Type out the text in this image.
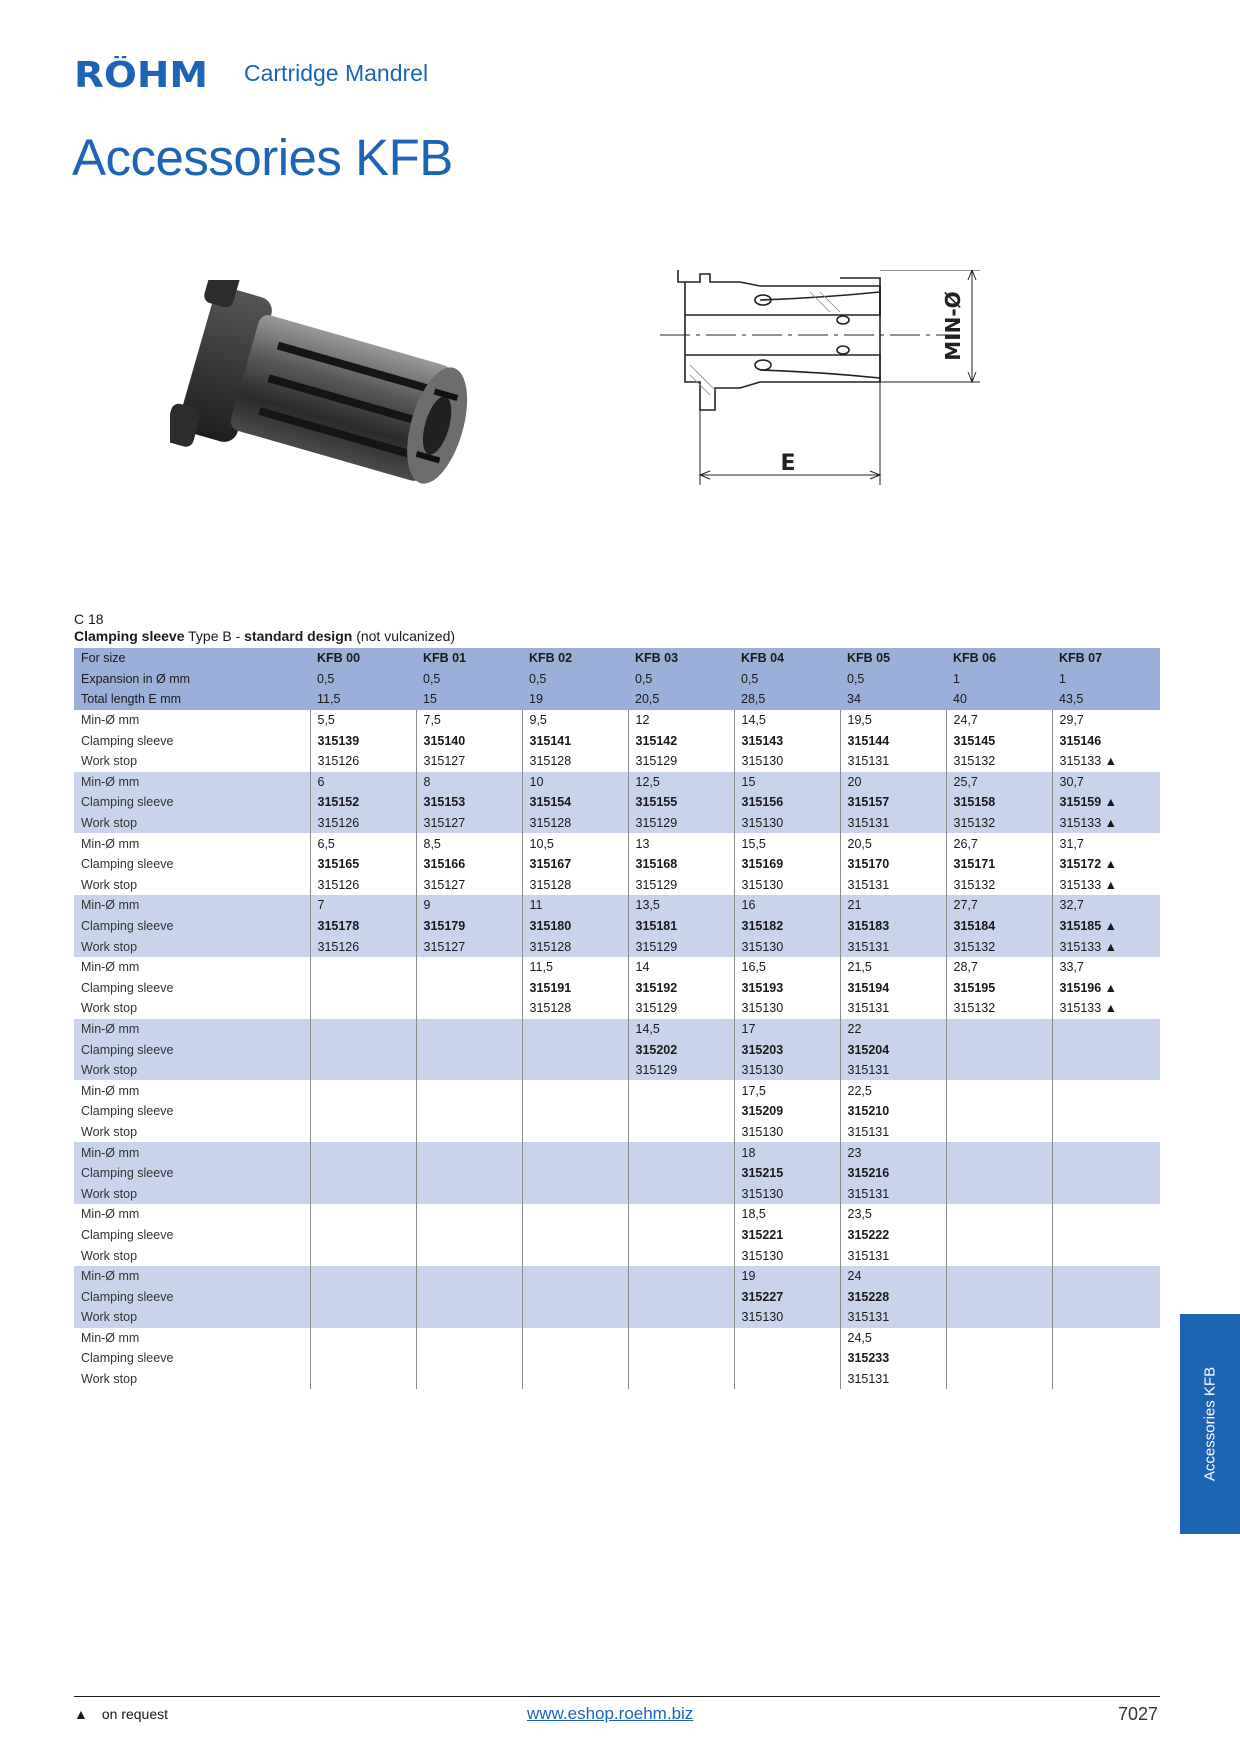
RÖHM	Cartridge Mandrel
Accessories KFB
MIN-Ø
E
C 18
Clamping sleeve Type B - standard design (not vulcanized)
For size	KFB 00	KFB 01	KFB 02	KFB 03	KFB 04	KFB 05	KFB 06	KFB 07
Expansion in Ø mm	0,5	0,5	0,5	0,5	0,5	0,5	1	1
Total length E mm	11,5	15	19	20,5	28,5	34	40	43,5
Min-Ø mm	5,5	7,5	9,5	12	14,5	19,5	24,7	29,7
Clamping sleeve	315139	315140	315141	315142	315143	315144	315145	315146
Work stop	315126	315127	315128	315129	315130	315131	315132	315133 ▲
Min-Ø mm	6	8	10	12,5	15	20	25,7	30,7
Clamping sleeve	315152	315153	315154	315155	315156	315157	315158	315159 ▲
Work stop	315126	315127	315128	315129	315130	315131	315132	315133 ▲
Min-Ø mm	6,5	8,5	10,5	13	15,5	20,5	26,7	31,7
Clamping sleeve	315165	315166	315167	315168	315169	315170	315171	315172 ▲
Work stop	315126	315127	315128	315129	315130	315131	315132	315133 ▲
Min-Ø mm	7	9	11	13,5	16	21	27,7	32,7
Clamping sleeve	315178	315179	315180	315181	315182	315183	315184	315185 ▲
Work stop	315126	315127	315128	315129	315130	315131	315132	315133 ▲
Min-Ø mm			11,5	14	16,5	21,5	28,7	33,7
Clamping sleeve			315191	315192	315193	315194	315195	315196 ▲
Work stop			315128	315129	315130	315131	315132	315133 ▲
Min-Ø mm				14,5	17	22		
Clamping sleeve				315202	315203	315204		
Work stop				315129	315130	315131		
Min-Ø mm					17,5	22,5		
Clamping sleeve					315209	315210		
Work stop					315130	315131		
Min-Ø mm					18	23		
Clamping sleeve					315215	315216		
Work stop					315130	315131		
Min-Ø mm					18,5	23,5		
Clamping sleeve					315221	315222		
Work stop					315130	315131		
Min-Ø mm					19	24		
Clamping sleeve					315227	315228		
Work stop					315130	315131		
Min-Ø mm						24,5		
Clamping sleeve						315233		
Work stop						315131			Accessories KFB
▲ on request	www.eshop.roehm.biz	7027
